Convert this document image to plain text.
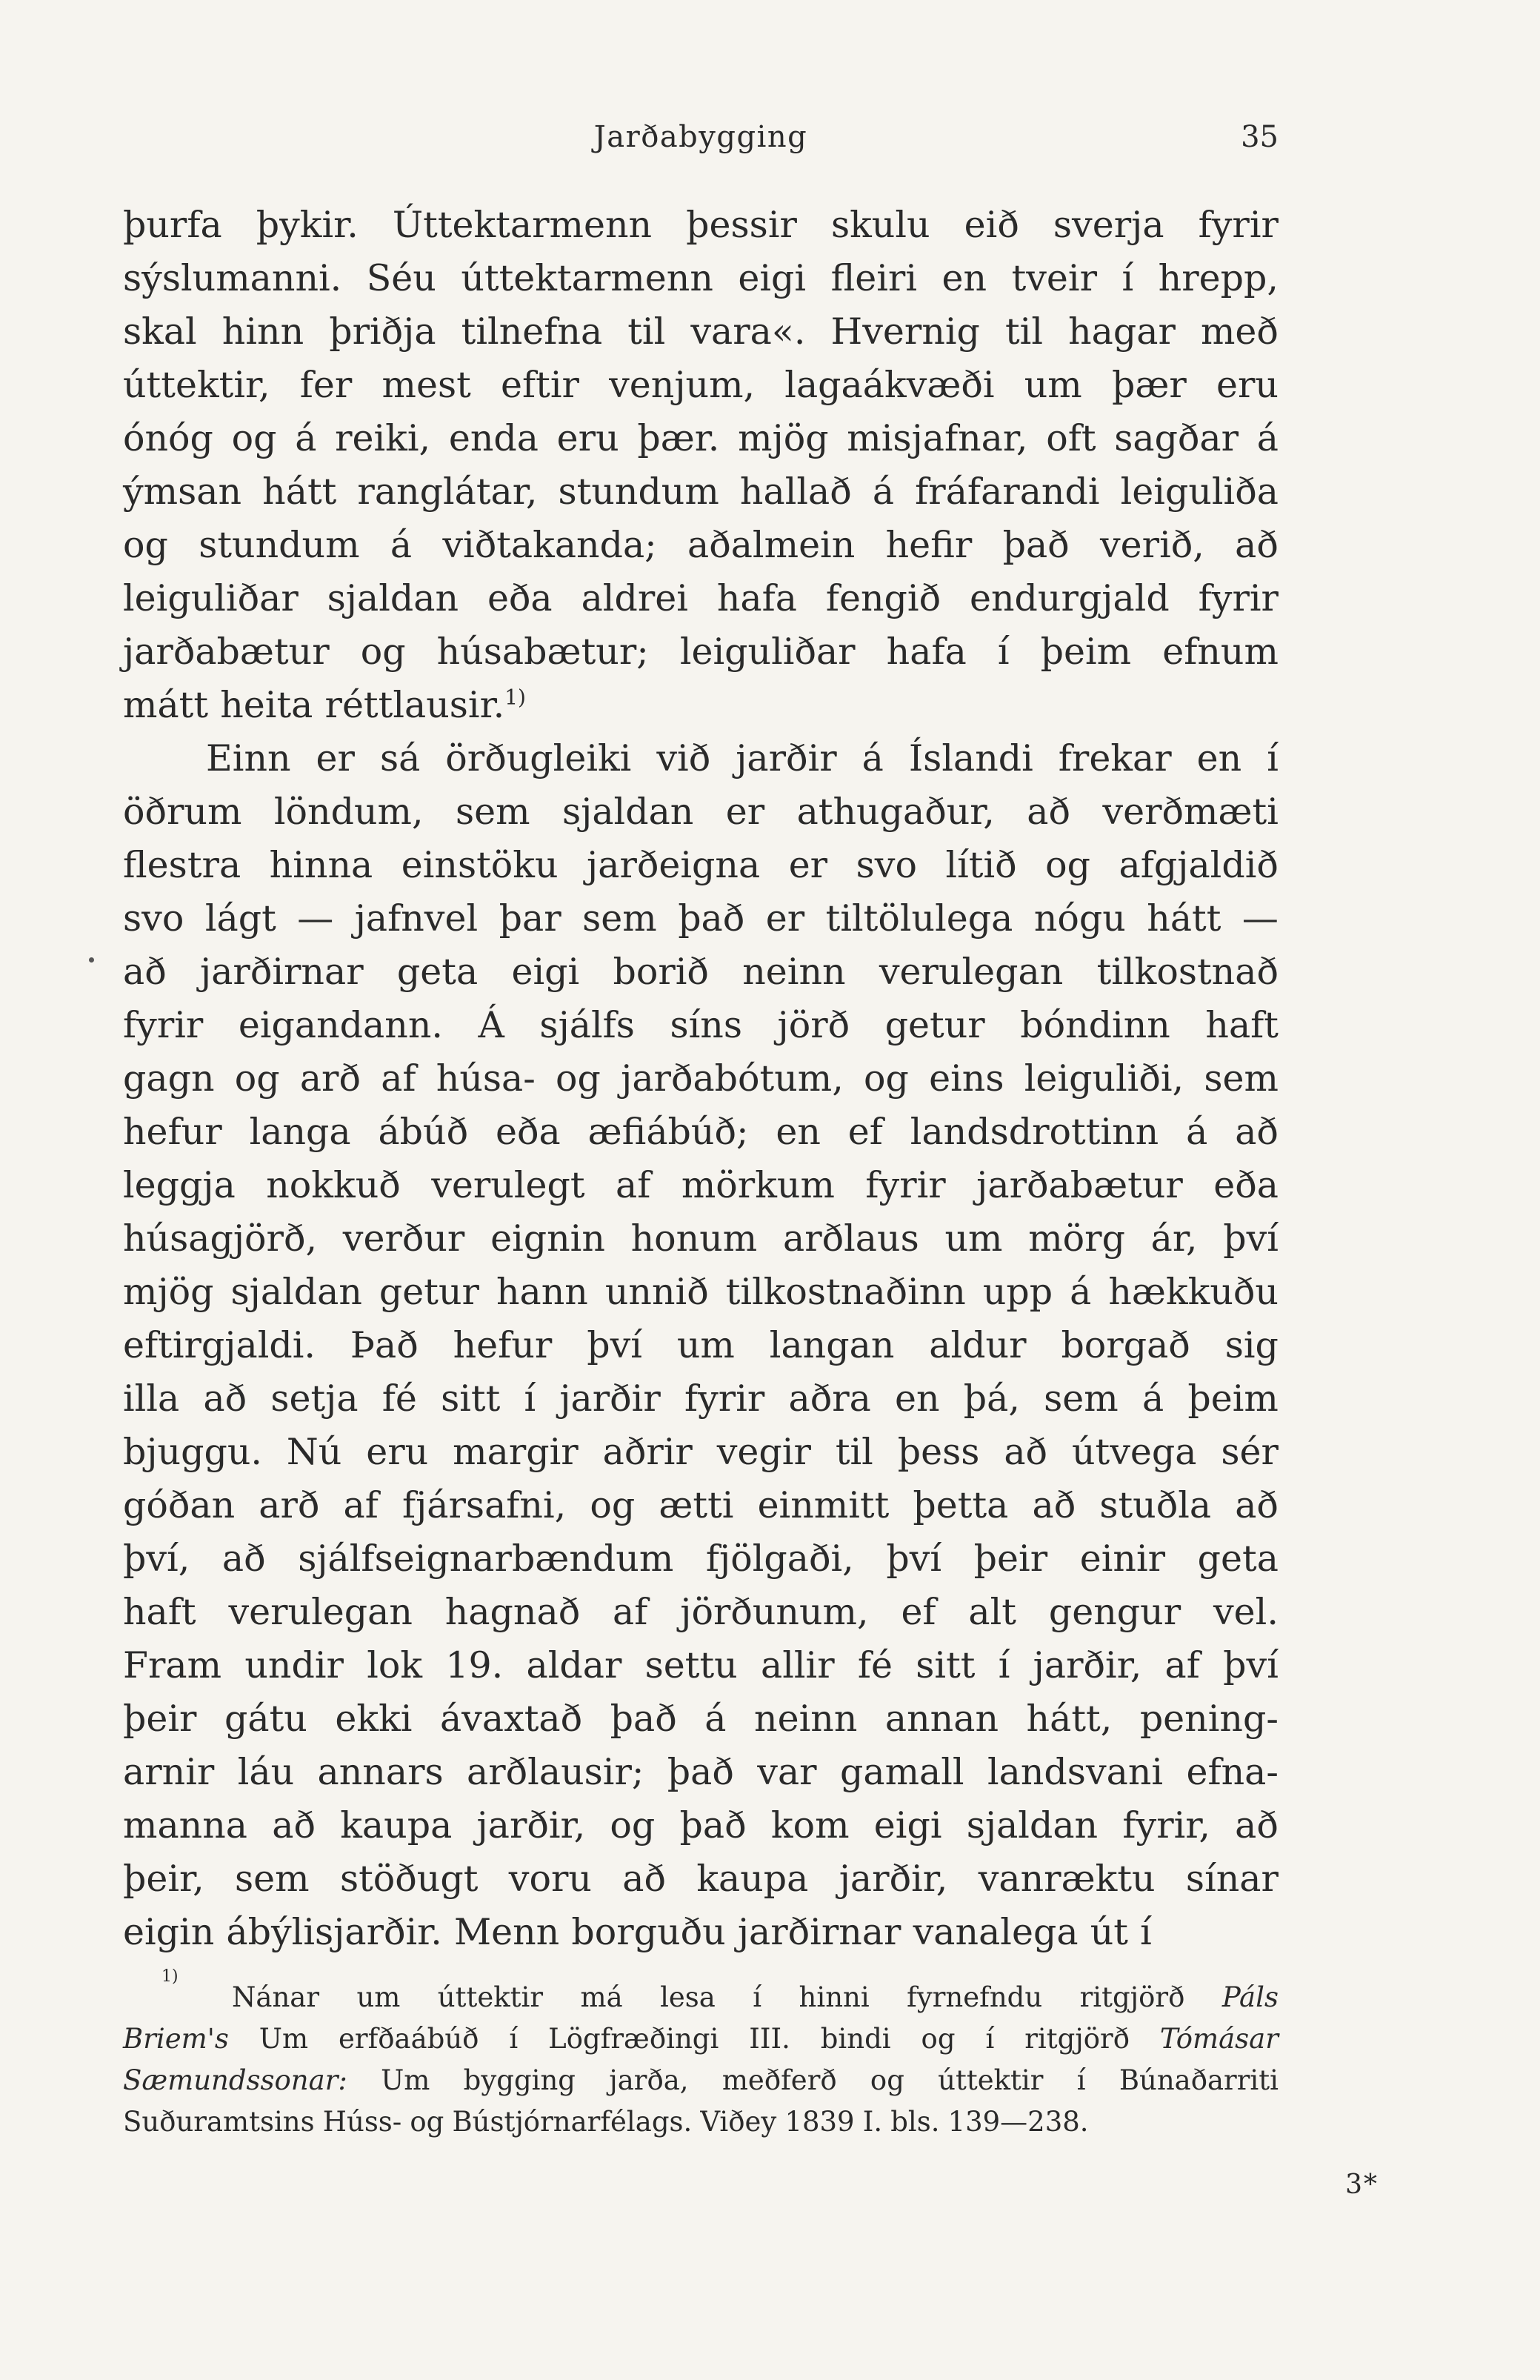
Jarðabygging	35
þurfa þykir. Úttektarmenn þessir skulu eið sverja fyrir
sýslumanni. Séu úttektarmenn eigi fleiri en tveir í hrepp,
skal hinn þriðja tilnefna til vara«. Hvernig til hagar með
úttektir, fer mest eftir venjum, lagaákvæði um þær eru
ónóg og á reiki, enda eru þær. mjög misjafnar, oft sagðar á
ýmsan hátt ranglátar, stundum hallað á fráfarandi leiguliða
og stundum á viðtakanda; aðalmein hefir það verið, að
leiguliðar sjaldan eða aldrei hafa fengið endurgjald fyrir
jarðabætur og húsabætur; leiguliðar hafa í þeim efnum
mátt heita réttlausir.$^{1)}$
Einn er sá örðugleiki við jarðir á Íslandi frekar en í
öðrum löndum, sem sjaldan er athugaður, að verðmæti
flestra hinna einstöku jarðeigna er svo lítið og afgjaldið
svo lágt — jafnvel þar sem það er tiltölulega nógu hátt —
að jarðirnar geta eigi borið neinn verulegan tilkostnað
fyrir eigandann. Á sjálfs síns jörð getur bóndinn haft
gagn og arð af húsa- og jarðabótum, og eins leiguliði, sem
hefur langa ábúð eða æfiábúð; en ef landsdrottinn á að
leggja nokkuð verulegt af mörkum fyrir jarðabætur eða
húsagjörð, verður eignin honum arðlaus um mörg ár, því
mjög sjaldan getur hann unnið tilkostnaðinn upp á hækkuðu
eftirgjaldi. Það hefur því um langan aldur borgað sig
illa að setja fé sitt í jarðir fyrir aðra en þá, sem á þeim
bjuggu. Nú eru margir aðrir vegir til þess að útvega sér
góðan arð af fjársafni, og ætti einmitt þetta að stuðla að
því, að sjálfseignarbændum fjölgaði, því þeir einir geta
haft verulegan hagnað af jörðunum, ef alt gengur vel.
Fram undir lok 19. aldar settu allir fé sitt í jarðir, af því
þeir gátu ekki ávaxtað það á neinn annan hátt, pening-
arnir láu annars arðlausir; það var gamall landsvani efna-
manna að kaupa jarðir, og það kom eigi sjaldan fyrir, að
þeir, sem stöðugt voru að kaupa jarðir, vanræktu sínar
eigin ábýlisjarðir. Menn borguðu jarðirnar vanalega út í
1)
Nánar um úttektir má lesa í hinni fyrnefndu ritgjörð Páls
Briem's Um erfðaábúð í Lögfræðingi III. bindi og í ritgjörð Tómásar
Sæmundssonar: Um bygging jarða, meðferð og úttektir í Búnaðarriti
Suðuramtsins Húss- og Bústjórnarfélags. Viðey 1839 I. bls. 139—238.
3*
